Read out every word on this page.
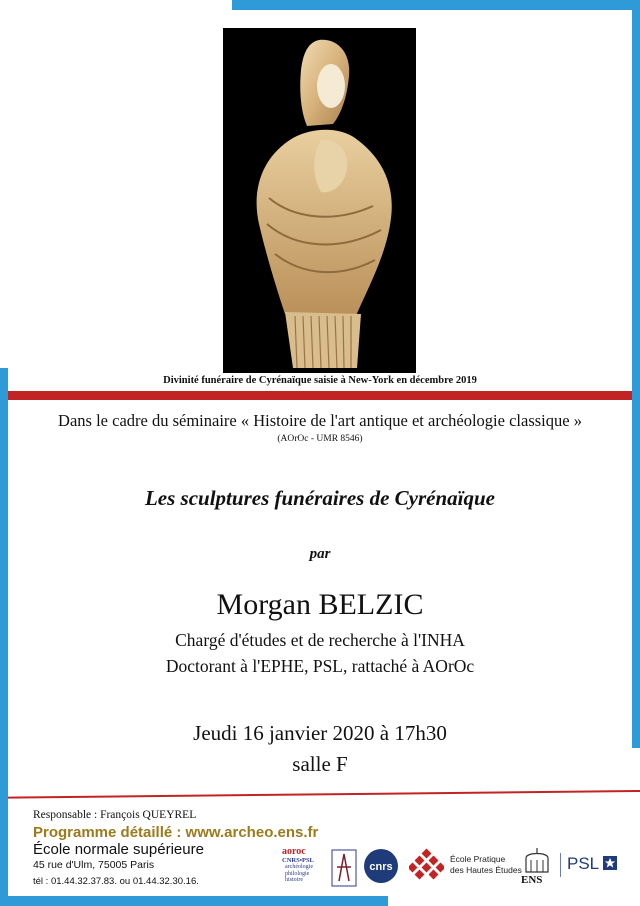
Divinité funéraire de Cyrénaïque saisie à New-York en décembre 2019
Dans le cadre du séminaire « Histoire de l'art antique et archéologie classique »
(AOrOc - UMR 8546)
Les sculptures funéraires de Cyrénaïque
par
Morgan BELZIC
Chargé d'études et de recherche à l'INHA
Doctorant à l'EPHE, PSL, rattaché à AOrOc
Jeudi 16 janvier 2020 à 17h30
salle F
Responsable : François QUEYREL
Programme détaillé : www.archeo.ens.fr
École normale supérieure
45 rue d'Ulm, 75005 Paris
tél : 01.44.32.37.83. ou 01.44.32.30.16.
aoroc
CNRS•PSL
archéologie
philologie
histoire
cnrs
École Pratique
des Hautes Études
ENS
PSL
